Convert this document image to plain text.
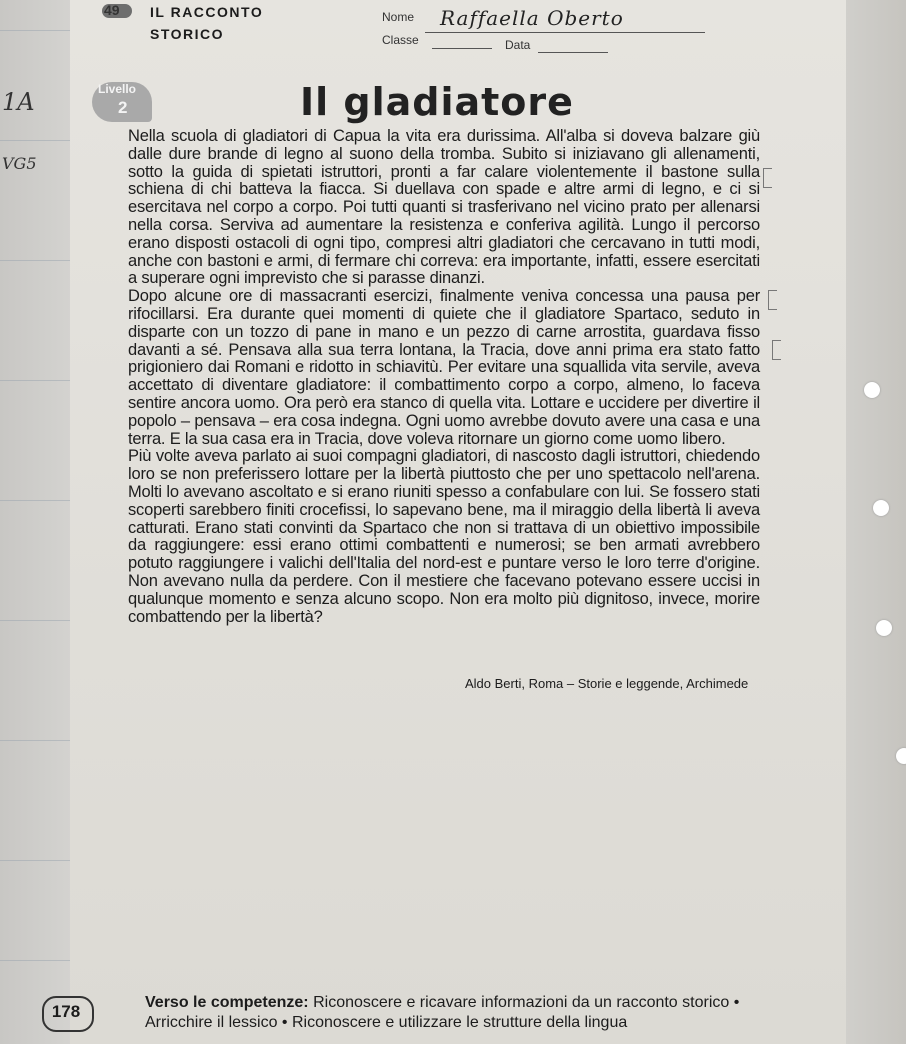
49 IL RACCONTO
STORICO
Nome Raffaella Oberto
Classe	Data
Livello
2
1A
VG5
Il gladiatore

Nella scuola di gladiatori di Capua la vita era durissima. All'alba si doveva balzare giù dalle dure brande di legno al suono della tromba. Subito si iniziavano gli allenamenti, sotto la guida di spietati istruttori, pronti a far calare violentemente il bastone sulla schiena di chi batteva la fiacca. Si duellava con spade e altre armi di legno, e ci si esercitava nel corpo a corpo. Poi tutti quanti si trasferivano nel vicino prato per allenarsi nella corsa. Serviva ad aumentare la resistenza e conferiva agilità. Lungo il percorso erano disposti ostacoli di ogni tipo, compresi altri gladiatori che cercavano in tutti modi, anche con bastoni e armi, di fermare chi correva: era importante, infatti, essere esercitati a superare ogni imprevisto che si parasse dinanzi.

Dopo alcune ore di massacranti esercizi, finalmente veniva concessa una pausa per rifocillarsi. Era durante quei momenti di quiete che il gladiatore Spartaco, seduto in disparte con un tozzo di pane in mano e un pezzo di carne arrostita, guardava fisso davanti a sé. Pensava alla sua terra lontana, la Tracia, dove anni prima era stato fatto prigioniero dai Romani e ridotto in schiavitù. Per evitare una squallida vita servile, aveva accettato di diventare gladiatore: il combattimento corpo a corpo, almeno, lo faceva sentire ancora uomo. Ora però era stanco di quella vita. Lottare e uccidere per divertire il popolo – pensava – era cosa indegna. Ogni uomo avrebbe dovuto avere una casa e una terra. E la sua casa era in Tracia, dove voleva ritornare un giorno come uomo libero.

Più volte aveva parlato ai suoi compagni gladiatori, di nascosto dagli istruttori, chiedendo loro se non preferissero lottare per la libertà piuttosto che per uno spettacolo nell'arena. Molti lo avevano ascoltato e si erano riuniti spesso a confabulare con lui. Se fossero stati scoperti sarebbero finiti crocefissi, lo sapevano bene, ma il miraggio della libertà li aveva catturati. Erano stati convinti da Spartaco che non si trattava di un obiettivo impossibile da raggiungere: essi erano ottimi combattenti e numerosi; se ben armati avrebbero potuto raggiungere i valichi dell'Italia del nord-est e puntare verso le loro terre d'origine. Non avevano nulla da perdere. Con il mestiere che facevano potevano essere uccisi in qualunque momento e senza alcuno scopo. Non era molto più dignitoso, invece, morire combattendo per la libertà?

Aldo Berti, Roma – Storie e leggende, Archimede
178	Verso le competenze: Riconoscere e ricavare informazioni da un racconto storico •
Arricchire il lessico • Riconoscere e utilizzare le strutture della lingua
